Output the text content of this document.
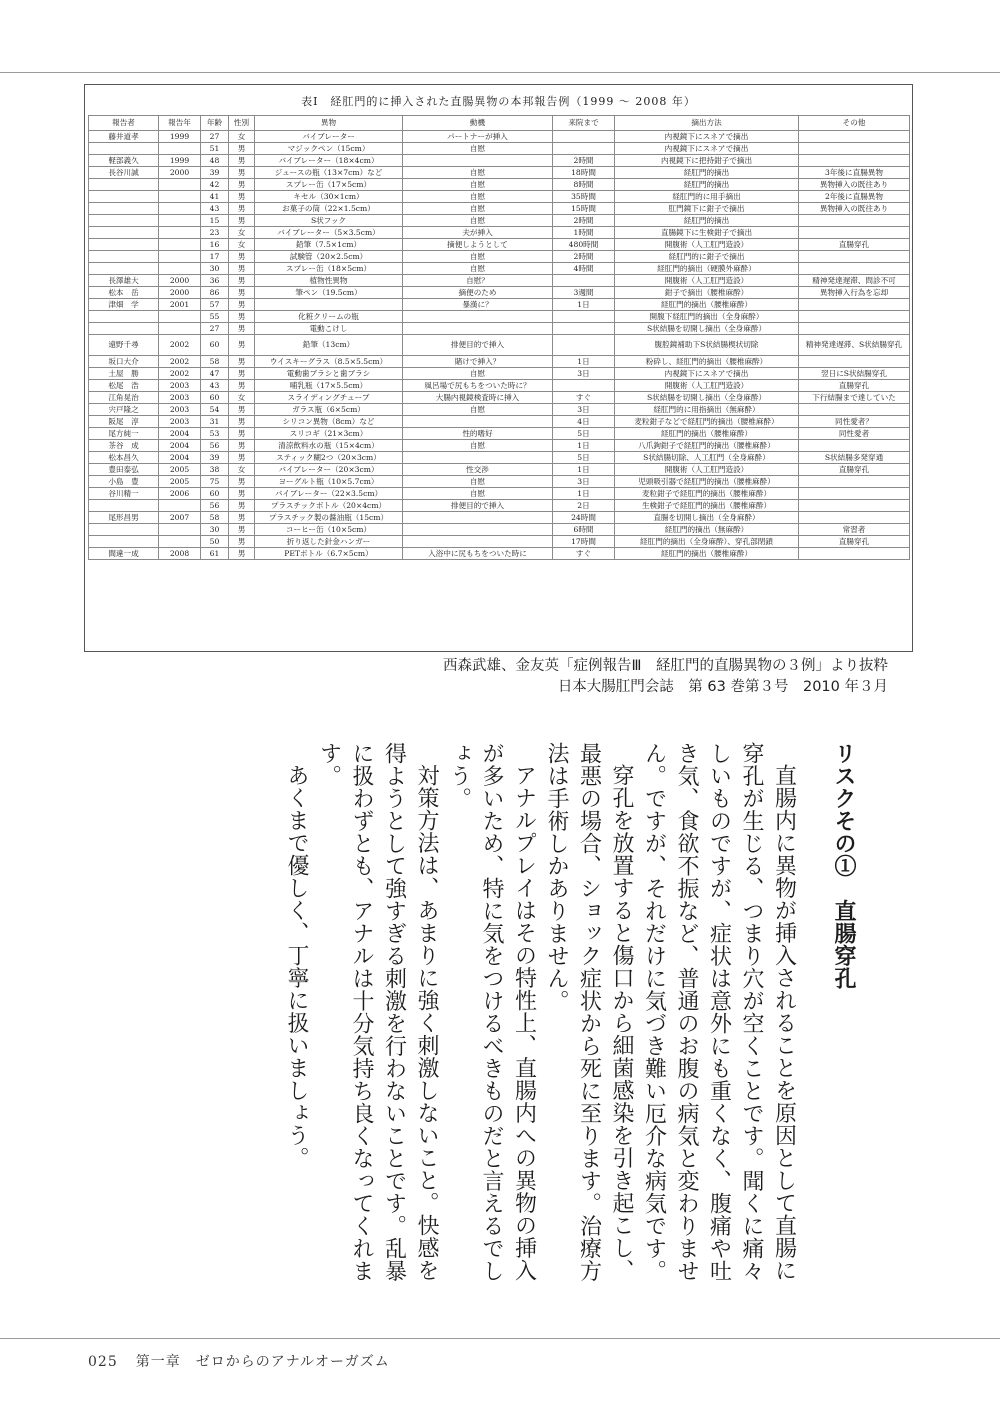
表Ⅰ　経肛門的に挿入された直腸異物の本邦報告例（1999 ～ 2008 年）
報告者	報告年	年齢	性別	異物	動機	来院まで	摘出方法	その他
藤井道孝	1999	27	女	バイブレーター	パートナーが挿入		内視鏡下にスネアで摘出	
		51	男	マジックペン（15cm）	自慰		内視鏡下にスネアで摘出	
軽部義久	1999	48	男	バイブレーター（18×4cm）		2時間	内視鏡下に把持鉗子で摘出	
長谷川誠	2000	39	男	ジュースの瓶（13×7cm）など	自慰	18時間	経肛門的摘出	3年後に直腸異物
		42	男	スプレー缶（17×5cm）	自慰	8時間	経肛門的摘出	異物挿入の既往あり
		41	男	キセル（30×1cm）	自慰	35時間	経肛門的に用手摘出	2年後に直腸異物
		43	男	お菓子の筒（22×1.5cm）	自慰	15時間	肛門鏡下に鉗子で摘出	異物挿入の既往あり
		15	男	S状フック	自慰	2時間	経肛門的摘出	
		23	女	バイブレーター（5×3.5cm）	夫が挿入	1時間	直腸鏡下に生検鉗子で摘出	
		16	女	鉛筆（7.5×1cm）	摘便しようとして	480時間	開腹術（人工肛門造設）	直腸穿孔
		17	男	試験管（20×2.5cm）	自慰	2時間	経肛門的に鉗子で摘出	
		30	男	スプレー缶（18×5cm）	自慰	4時間	経肛門的摘出（硬膜外麻酔）	
長澤雄大	2000	36	男	植物性異物	自慰？		開腹術（人工肛門造設）	精神発達遅滞、問診不可
松本　岳	2000	86	男	筆ペン（19.5cm）	摘便のため	3週間	鉗子で摘出（腰椎麻酔）	異物挿入行為を忘却
津畑　学	2001	57	男		暴漢に？	1日	経肛門的摘出（腰椎麻酔）	
		55	男	化粧クリームの瓶			開腹下経肛門的摘出（全身麻酔）	
		27	男	電動こけし			S状結腸を切開し摘出（全身麻酔）	
遠野千尋	2002	60	男	鉛筆（13cm）	排便目的で挿入		腹腔鏡補助下S状結腸楔状切除	精神発達遅滞、S状結腸穿孔
坂口大介	2002	58	男	ウイスキーグラス（8.5×5.5cm）	賭けで挿入？	1日	粉砕し、経肛門的摘出（腰椎麻酔）	
土屋　勝	2002	47	男	電動歯ブラシと歯ブラシ	自慰	3日	内視鏡下にスネアで摘出	翌日にS状結腸穿孔
松尾　浩	2003	43	男	哺乳瓶（17×5.5cm）	風呂場で尻もちをついた時に？		開腹術（人工肛門造設）	直腸穿孔
江角晃治	2003	60	女	スライディングチューブ	大腸内視鏡検査時に挿入	すぐ	S状結腸を切開し摘出（全身麻酔）	下行結腸まで達していた
宍戸隆之	2003	54	男	ガラス瓶（6×5cm）	自慰	3日	経肛門的に用指摘出（無麻酔）	
阪尾　淳	2003	31	男	シリコン異物（8cm）など		4日	麦粒鉗子などで経肛門的摘出（腰椎麻酔）	同性愛者？
尾方純一	2004	53	男	スリコギ（21×3cm）	性的嗜好	5日	経肛門的摘出（腰椎麻酔）	同性愛者
茶谷　成	2004	56	男	清涼飲料水の瓶（15×4cm）	自慰	1日	八爪鉤鉗子で経肛門的摘出（腰椎麻酔）	
松本昌久	2004	39	男	スティック糊2つ（20×3cm）		5日	S状結腸切除、人工肛門（全身麻酔）	S状結腸多発穿通
豊田泰弘	2005	38	女	バイブレーター（20×3cm）	性交渉	1日	開腹術（人工肛門造設）	直腸穿孔
小島　豊	2005	75	男	ヨーグルト瓶（10×5.7cm）	自慰	3日	児頭吸引器で経肛門的摘出（腰椎麻酔）	
谷川精一	2006	60	男	バイブレーター（22×3.5cm）	自慰	1日	麦粒鉗子で経肛門的摘出（腰椎麻酔）	
		56	男	プラスチックボトル（20×4cm）	排便目的で挿入	2日	生検鉗子で経肛門的摘出（腰椎麻酔）	
尾形昌男	2007	58	男	プラスチック製の醤油瓶（15cm）		24時間	直腸を切開し摘出（全身麻酔）	
		30	男	コーヒー缶（10×5cm）		6時間	経肛門的摘出（無麻酔）	常習者
		50	男	折り返した針金ハンガー		17時間	経肛門的摘出（全身麻酔）、穿孔部閉鎖	直腸穿孔
間違一成	2008	61	男	PETボトル（6.7×5cm）	入浴中に尻もちをついた時に	すぐ	経肛門的摘出（腰椎麻酔）	
西森武雄、金友英「症例報告Ⅲ　経肛門的直腸異物の３例」より抜粋
日本大腸肛門会誌　第 63 巻第３号　2010 年３月

リスクその①　直腸穿孔

直腸内に異物が挿入されることを原因として直腸に穿孔が生じる、つまり穴が空くことです。聞くに痛々しいものですが、症状は意外にも重くなく、腹痛や吐き気、食欲不振など、普通のお腹の病気と変わりません。ですが、それだけに気づき難い厄介な病気です。

穿孔を放置すると傷口から細菌感染を引き起こし、最悪の場合、ショック症状から死に至ります。治療方法は手術しかありません。

アナルプレイはその特性上、直腸内への異物の挿入が多いため、特に気をつけるべきものだと言えるでしょう。

対策方法は、あまりに強く刺激しないこと。快感を得ようとして強すぎる刺激を行わないことです。乱暴に扱わずとも、アナルは十分気持ち良くなってくれます。

あくまで優しく、丁寧に扱いましょう。

025 第一章　ゼロからのアナルオーガズム
